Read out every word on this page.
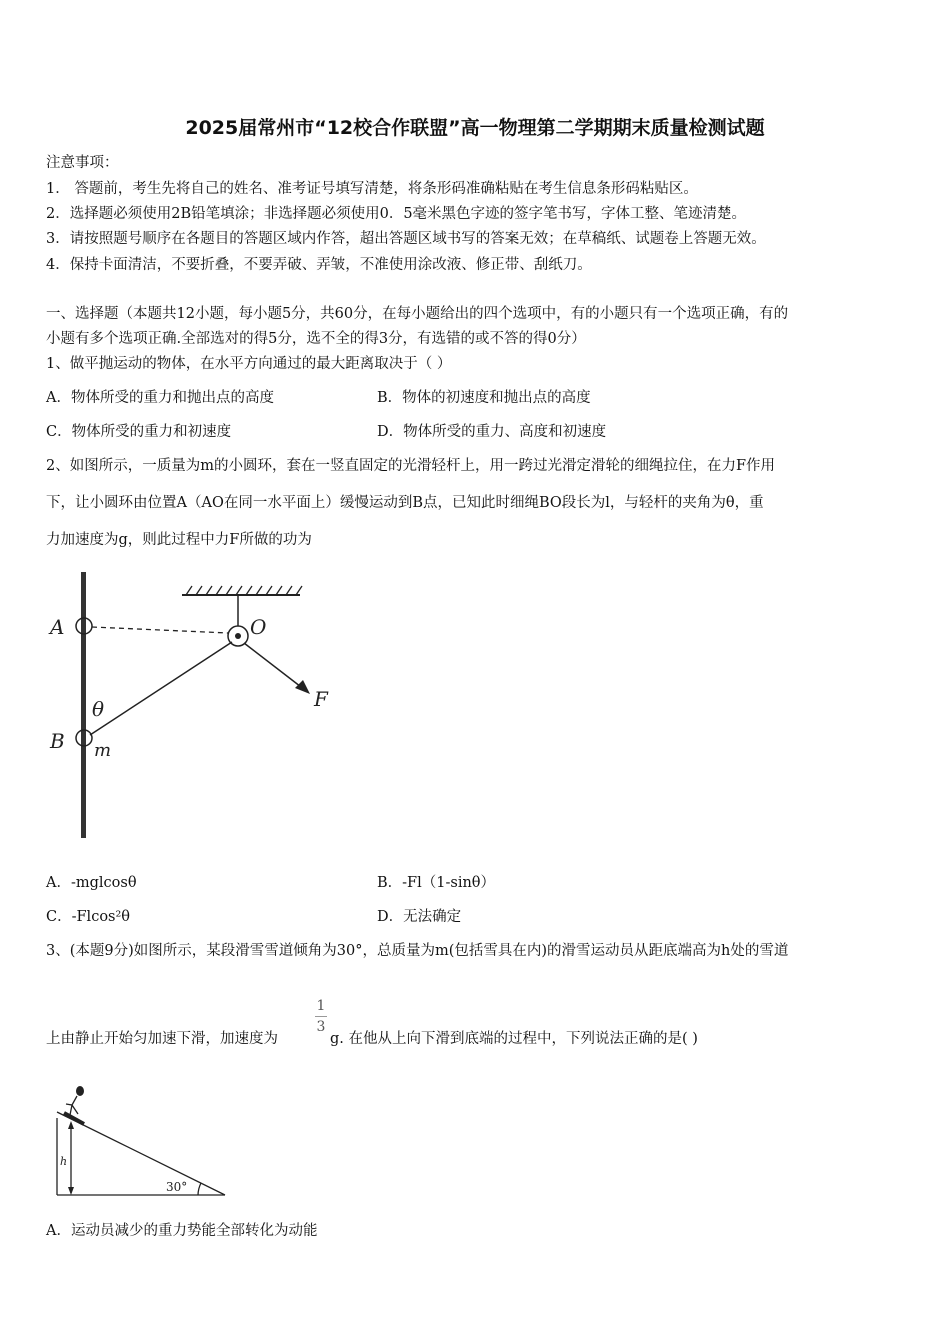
2025届常州市“12校合作联盟”高一物理第二学期期末质量检测试题
注意事项：
1． 答题前，考生先将自己的姓名、准考证号填写清楚，将条形码准确粘贴在考生信息条形码粘贴区。
2．选择题必须使用2B铅笔填涂；非选择题必须使用0．5毫米黑色字迹的签字笔书写，字体工整、笔迹清楚。
3．请按照题号顺序在各题目的答题区域内作答，超出答题区域书写的答案无效；在草稿纸、试题卷上答题无效。
4．保持卡面清洁，不要折叠，不要弄破、弄皱，不准使用涂改液、修正带、刮纸刀。
一、选择题（本题共12小题，每小题5分，共60分，在每小题给出的四个选项中，有的小题只有一个选项正确，有的
小题有多个选项正确.全部选对的得5分，选不全的得3分，有选错的或不答的得0分）
1、做平抛运动的物体，在水平方向通过的最大距离取决于（ ）
A．物体所受的重力和抛出点的高度	B．物体的初速度和抛出点的高度
C．物体所受的重力和初速度	D．物体所受的重力、高度和初速度
2、如图所示，一质量为m的小圆环，套在一竖直固定的光滑轻杆上，用一跨过光滑定滑轮的细绳拉住，在力F作用
下，让小圆环由位置A（AO在同一水平面上）缓慢运动到B点，已知此时细绳BO段长为l，与轻杆的夹角为θ，重
力加速度为g，则此过程中力F所做的功为
A	O
F
θ
B m
h
30°
A．-mglcosθ	B．-Fl（1-sinθ）
C．-Flcos²θ	D．无法确定
3、(本题9分)如图所示，某段滑雪雪道倾角为30°，总质量为m(包括雪具在内)的滑雪运动员从距底端高为h处的雪道
1
3
上由静止开始匀加速下滑，加速度为	g. 在他从上向下滑到底端的过程中，下列说法正确的是( )
A．运动员减少的重力势能全部转化为动能
